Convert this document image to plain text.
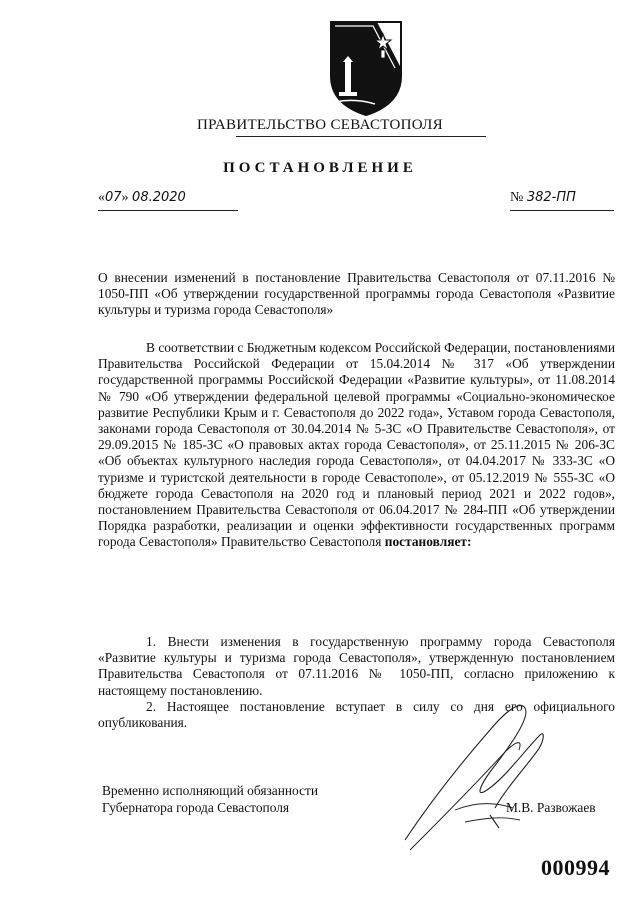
ПРАВИТЕЛЬСТВО СЕВАСТОПОЛЯ
ПОСТАНОВЛЕНИЕ
«07» 08.2020	№ 382-ПП
О внесении изменений в постановление Правительства Севастополя от 07.11.2016 № 1050-ПП «Об утверждении государственной программы города Севастополя «Развитие культуры и туризма города Севастополя»
В соответствии с Бюджетным кодексом Российской Федерации, постановлениями Правительства Российской Федерации от 15.04.2014 № 317 «Об утверждении государственной программы Российской Федерации «Развитие культуры», от 11.08.2014 № 790 «Об утверждении федеральной целевой программы «Социально-экономическое развитие Республики Крым и г. Севастополя до 2022 года», Уставом города Севастополя, законами города Севастополя от 30.04.2014 № 5-ЗС «О Правительстве Севастополя», от 29.09.2015 № 185-ЗС «О правовых актах города Севастополя», от 25.11.2015 № 206-ЗС «Об объектах культурного наследия города Севастополя», от 04.04.2017 № 333-ЗС «О туризме и туристской деятельности в городе Севастополе», от 05.12.2019 № 555-ЗС «О бюджете города Севастополя на 2020 год и плановый период 2021 и 2022 годов», постановлением Правительства Севастополя от 06.04.2017 № 284-ПП «Об утверждении Порядка разработки, реализации и оценки эффективности государственных программ города Севастополя» Правительство Севастополя постановляет:

1. Внести изменения в государственную программу города Севастополя «Развитие культуры и туризма города Севастополя», утвержденную постановлением Правительства Севастополя от 07.11.2016 № 1050-ПП, согласно приложению к настоящему постановлению.

2. Настоящее постановление вступает в силу со дня его официального опубликования.

Временно исполняющий обязанности
Губернатора города Севастополя	М.В. Развожаев
000994
